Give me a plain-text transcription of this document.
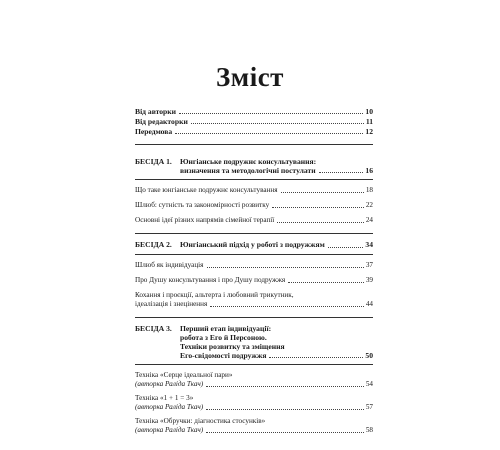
Зміст
Від авторки	10
Від редакторки	11
Передмова	12
БЕСІДА 1.	Юнгіанське подружнє консультування:
визначення та методологічні постулати	16
Що таке юнгіанське подружнє консультування	18
Шлюб: сутність та закономірності розвитку	22
Основні ідеї різних напрямів сімейної терапії	24
БЕСІДА 2.	Юнгіанський підхід у роботі з подружжям	34
Шлюб як індивідуація	37
Про Душу консультування і про Душу подружжя	39
Кохання і проєкції, альтерта і любовний трикутник,
ідеалізація і знецінення	44
БЕСІДА 3.	Перший етап індивідуації:
робота з Его й Персоною.
Техніки розвитку та зміщення
Его-свідомості подружжя	50
Техніка «Серце ідеальної пари»
(авторка Раліда Ткач)	54
Техніка «1 + 1 = 3»
(авторка Раліда Ткач)	57
Техніка «Обручки: діагностика стосунків»
(авторка Раліда Ткач)	58
